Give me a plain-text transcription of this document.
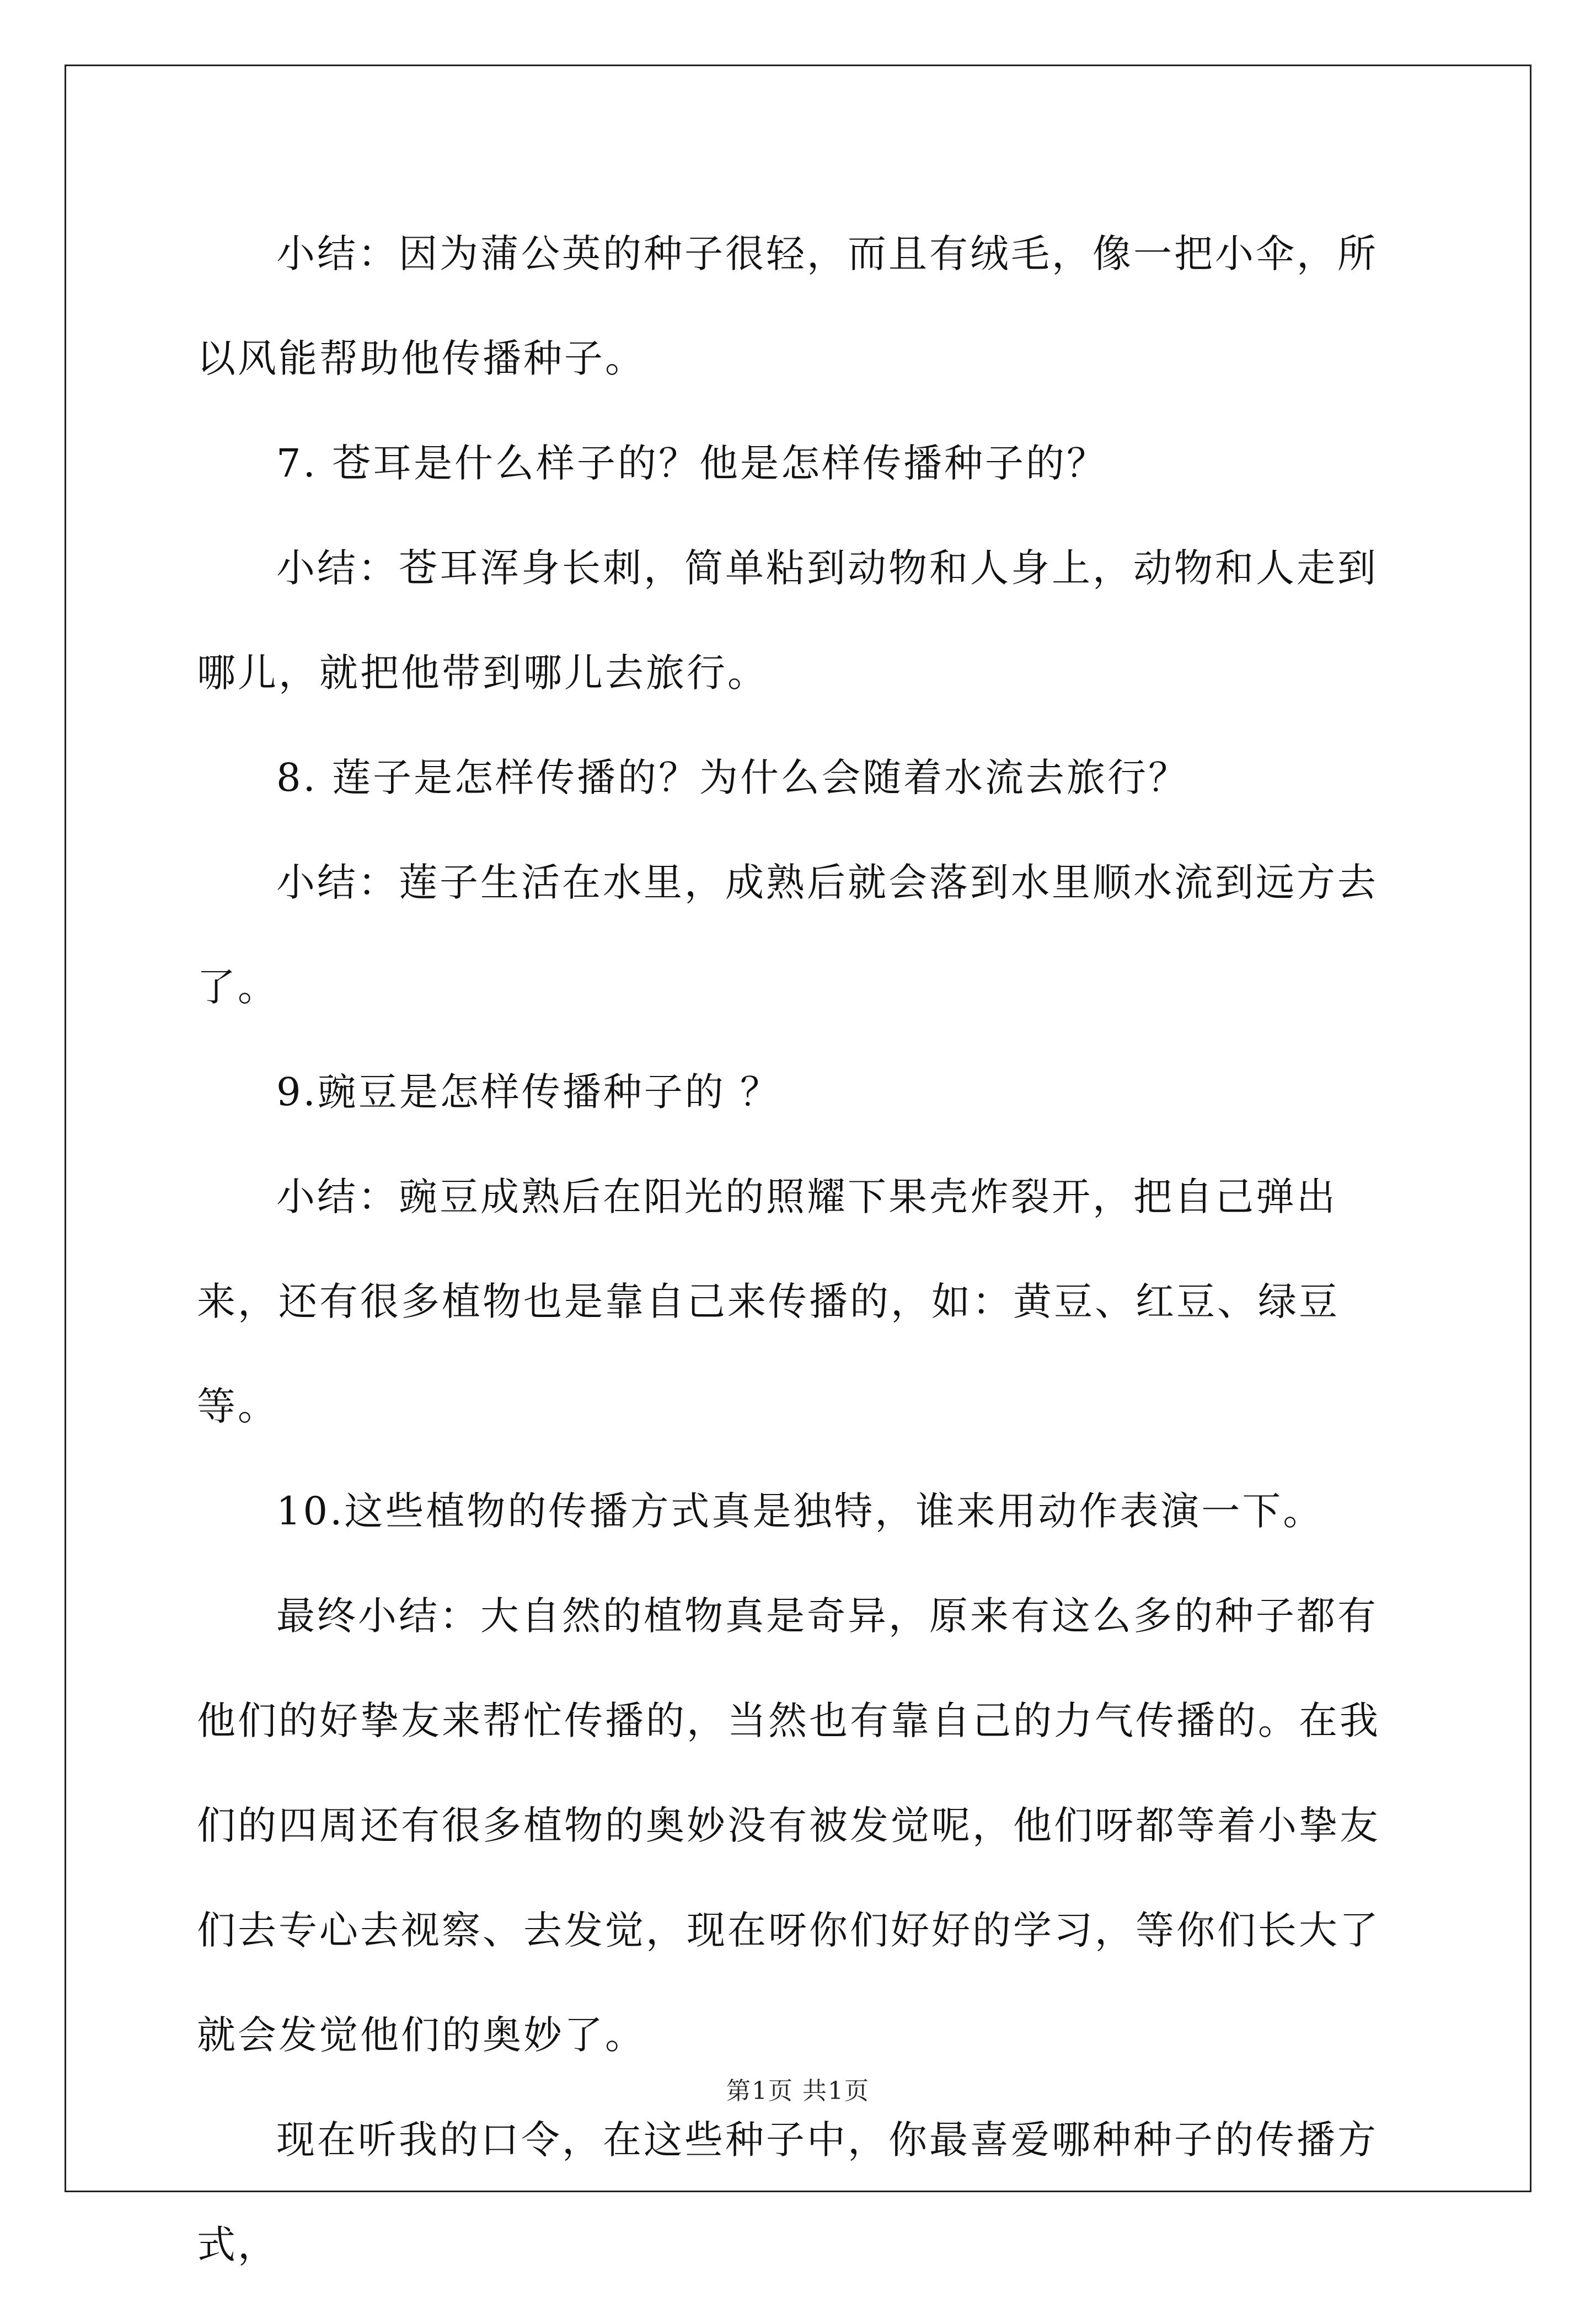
小结：因为蒲公英的种子很轻，而且有绒毛，像一把小伞，所以风能帮助他传播种子。

7. 苍耳是什么样子的？他是怎样传播种子的？

小结：苍耳浑身长刺，简单粘到动物和人身上，动物和人走到哪儿，就把他带到哪儿去旅行。

8. 莲子是怎样传播的？为什么会随着水流去旅行？

小结：莲子生活在水里，成熟后就会落到水里顺水流到远方去了。

9.豌豆是怎样传播种子的 ？

小结：豌豆成熟后在阳光的照耀下果壳炸裂开，把自己弹出来，还有很多植物也是靠自己来传播的，如：黄豆、红豆、绿豆等。

10.这些植物的传播方式真是独特，谁来用动作表演一下。

最终小结：大自然的植物真是奇异，原来有这么多的种子都有他们的好挚友来帮忙传播的，当然也有靠自己的力气传播的。在我们的四周还有很多植物的奥妙没有被发觉呢，他们呀都等着小挚友们去专心去视察、去发觉，现在呀你们好好的学习，等你们长大了就会发觉他们的奥妙了。

现在听我的口令，在这些种子中，你最喜爱哪种种子的传播方式，

第1页 共1页
